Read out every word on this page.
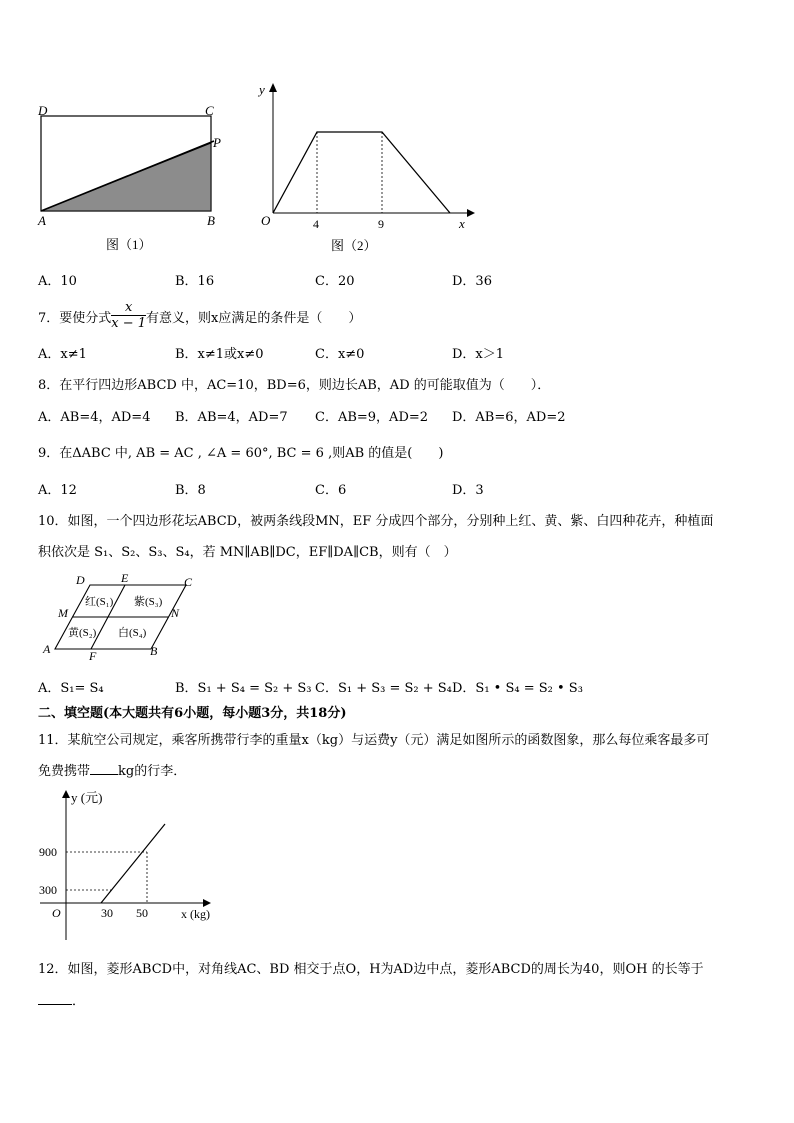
D	C
P
A	B
图（1）
y
x
O	4	9
图（2）
A．10	B．16	C．20	D．36
7．要使分式 $\frac{x}{x - 1}$ 有意义，则x应满足的条件是（　　）
A．x≠1	B．x≠1或x≠0	C．x≠0	D．x＞1
8．在平行四边形ABCD 中，AC=10，BD=6，则边长AB，AD 的可能取值为（　　）．
A．AB=4，AD=4 B．AB=4，AD=7 C．AB=9，AD=2 D．AB=6，AD=2
9．在ΔABC 中, AB = AC , ∠A = 60°, BC = 6 ,则AB 的值是(　　)
A．12	B．8	C．6	D．3
10．如图，一个四边形花坛ABCD，被两条线段MN，EF 分成四个部分，分别种上红、黄、紫、白四种花卉，种植面
积依次是 S₁、S₂、S₃、S₄，若 MN∥AB∥DC，EF∥DA∥CB，则有（　）
D	E	C
M	N
A	F	B
红(S₁) 紫(S₃)
黄(S₂) 白(S₄)
A．S₁= S₄	B．S₁ + S₄ = S₂ + S₃ C．S₁ + S₃ = S₂ + S₄ D．S₁ • S₄ = S₂ • S₃
二、填空题(本大题共有6小题，每小题3分，共18分)
11．某航空公司规定，乘客所携带行李的重量x（kg）与运费y（元）满足如图所示的函数图象，那么每位乘客最多可
免费携带 kg的行李．
y (元)
x (kg)
O
900
300
30 50
12．如图，菱形ABCD中，对角线AC、BD 相交于点O，H为AD边中点，菱形ABCD的周长为40，则OH 的长等于
．
